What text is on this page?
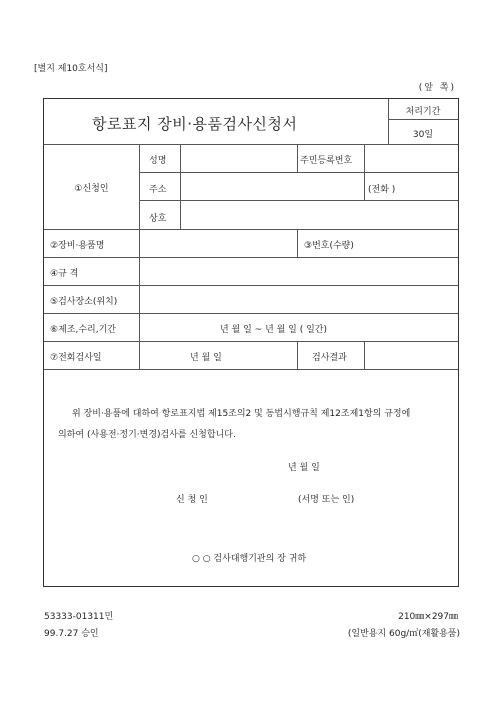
[별지 제10호서식]
(앞 쪽)
항로표지 장비·용품검사신청서
처리기간
30일
①신청인
성명	주민등록번호
주소	(전화 )
상호
②장비·용품명	③번호(수량)
④규 격
⑤검사장소(위치)
⑥제조,수리,기간	년 월 일 ~ 년 월 일 ( 일간)
⑦전회검사일	년 월 일	검사결과
위 장비·용품에 대하여 항로표지법 제15조의2 및 동법시행규칙 제12조제1항의 규정에
의하여 (사용전·정기·변경)검사를 신청합니다.
년 월 일
신 청 인	(서명 또는 인)
○ ○ 검사대행기관의 장 귀하
53333-01311민
99.7.27 승인
210㎜×297㎜
(일반용지 60g/㎡(재활용품)
